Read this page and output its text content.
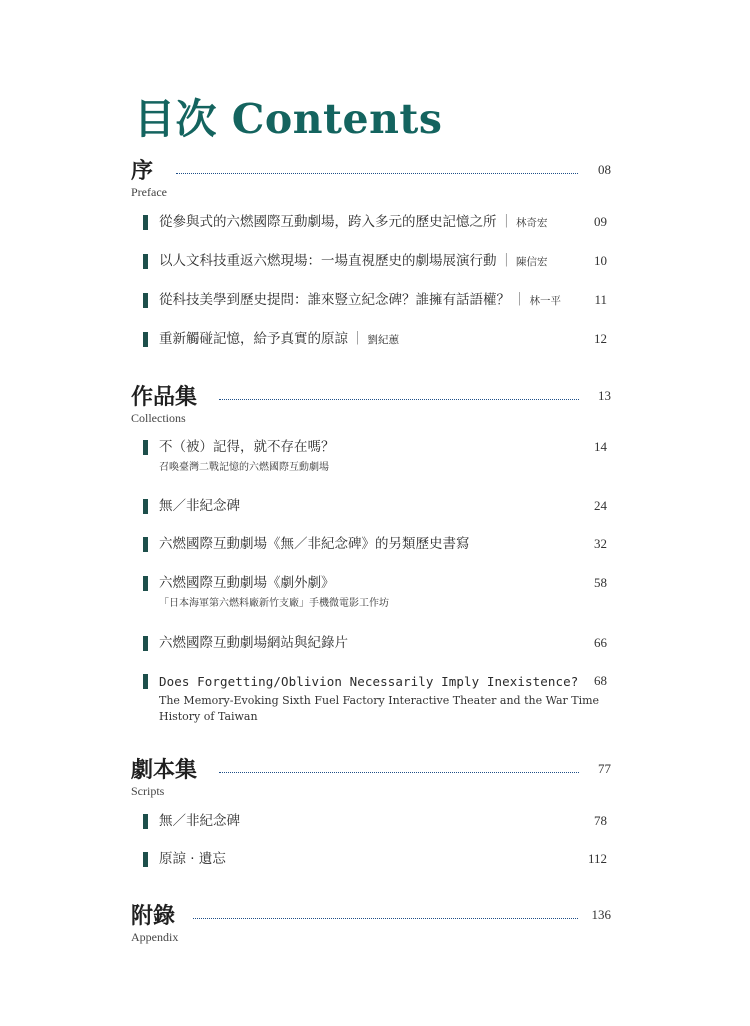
目次 Contents
序
Preface
08
從參與式的六燃國際互動劇場，跨入多元的歷史記憶之所 ｜ 林奇宏	09
以人文科技重返六燃現場：一場直視歷史的劇場展演行動 ｜ 陳信宏	10
從科技美學到歷史提問：誰來豎立紀念碑？誰擁有話語權？ ｜ 林一平	11
重新觸碰記憶，給予真實的原諒 ｜ 劉紀蕙	12
作品集
Collections
13
不（被）記得，就不存在嗎？
召喚臺灣二戰記憶的六燃國際互動劇場
14
無／非紀念碑	24
六燃國際互動劇場《無／非紀念碑》的另類歷史書寫	32
六燃國際互動劇場《劇外劇》
「日本海軍第六燃料廠新竹支廠」手機微電影工作坊
58
六燃國際互動劇場網站與紀錄片	66
Does Forgetting/Oblivion Necessarily Imply Inexistence?
The Memory-Evoking Sixth Fuel Factory Interactive Theater and the War Time
History of Taiwan
68
劇本集
Scripts
77
無／非紀念碑	78
原諒 · 遺忘	112
附錄
Appendix
136
